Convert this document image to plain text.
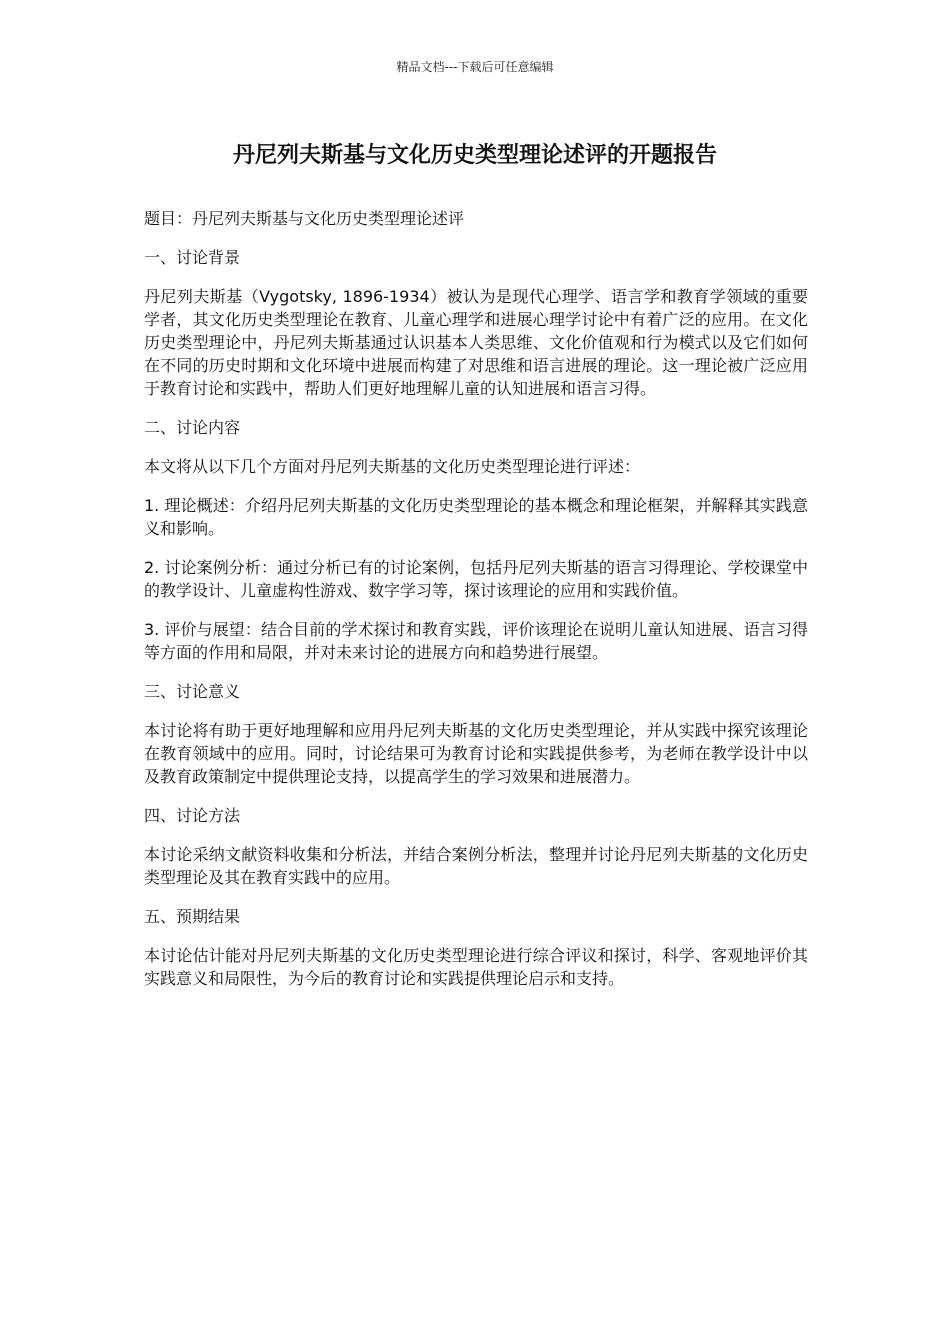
精品文档---下载后可任意编辑
丹尼列夫斯基与文化历史类型理论述评的开题报告

题目：丹尼列夫斯基与文化历史类型理论述评

一、讨论背景

丹尼列夫斯基（Vygotsky, 1896-1934）被认为是现代心理学、语言学和教育学领域的重要学者，其文化历史类型理论在教育、儿童心理学和进展心理学讨论中有着广泛的应用。在文化历史类型理论中，丹尼列夫斯基通过认识基本人类思维、文化价值观和行为模式以及它们如何在不同的历史时期和文化环境中进展而构建了对思维和语言进展的理论。这一理论被广泛应用于教育讨论和实践中，帮助人们更好地理解儿童的认知进展和语言习得。

二、讨论内容

本文将从以下几个方面对丹尼列夫斯基的文化历史类型理论进行评述：

1. 理论概述：介绍丹尼列夫斯基的文化历史类型理论的基本概念和理论框架，并解释其实践意义和影响。

2. 讨论案例分析：通过分析已有的讨论案例，包括丹尼列夫斯基的语言习得理论、学校课堂中的教学设计、儿童虚构性游戏、数字学习等，探讨该理论的应用和实践价值。

3. 评价与展望：结合目前的学术探讨和教育实践，评价该理论在说明儿童认知进展、语言习得等方面的作用和局限，并对未来讨论的进展方向和趋势进行展望。

三、讨论意义

本讨论将有助于更好地理解和应用丹尼列夫斯基的文化历史类型理论，并从实践中探究该理论在教育领域中的应用。同时，讨论结果可为教育讨论和实践提供参考，为老师在教学设计中以及教育政策制定中提供理论支持，以提高学生的学习效果和进展潜力。

四、讨论方法

本讨论采纳文献资料收集和分析法，并结合案例分析法，整理并讨论丹尼列夫斯基的文化历史类型理论及其在教育实践中的应用。

五、预期结果

本讨论估计能对丹尼列夫斯基的文化历史类型理论进行综合评议和探讨，科学、客观地评价其实践意义和局限性，为今后的教育讨论和实践提供理论启示和支持。
